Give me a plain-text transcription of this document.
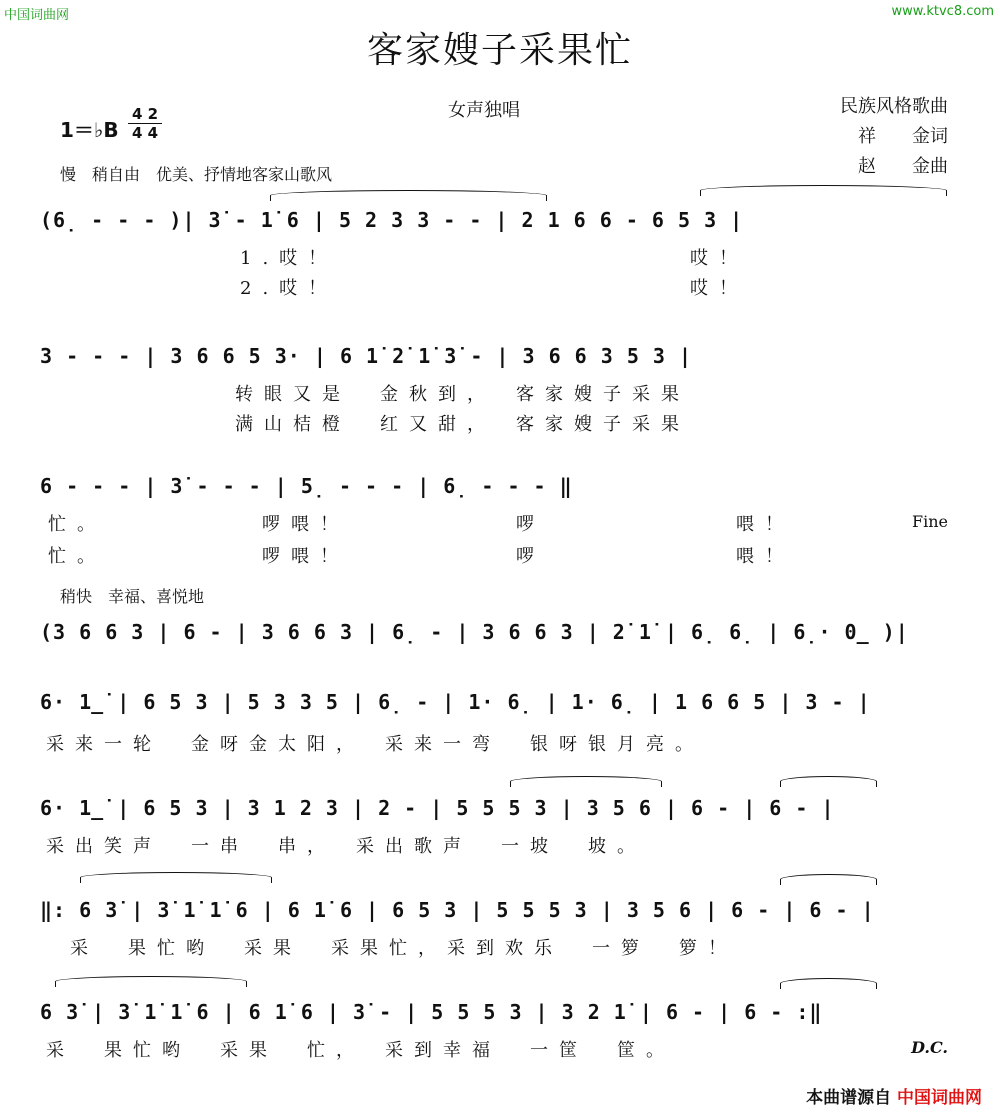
中国词曲网	www.ktvc8.com
客家嫂子采果忙
女声独唱	民族风格歌曲
祥　　金词
赵　　金曲
1＝♭B
4 2
4 4
慢　稍自由　优美、抒情地客家山歌风
(6̣ - - - )| 3̇ - 1̇ 6 | 5 2 3 3 - - | 2 1 6 6 - 6 5 3 |
1.哎！	哎！
2.哎！	哎！
3 - - - | 3 6 6 5 3· | 6 1̇ 2̇ 1̇ 3̇ - | 3 6 6 3 5 3 |
转眼又是　金秋到，　客家嫂子采果
满山桔橙　红又甜，　客家嫂子采果
6 - - - | 3̇ - - - | 5̣ - - - | 6̣ - - - ‖
忙。	啰喂！	啰	喂！	Fine
忙。	啰喂！	啰	喂！
稍快　幸福、喜悦地
(3 6 6 3 | 6 - | 3 6 6 3 | 6̣ - | 3 6 6 3 | 2̇ 1̇ | 6̣ 6̣ | 6̣· 0̲ )|
6· 1̲̇ | 6 5 3 | 5 3 3 5 | 6̣ - | 1· 6̣ | 1· 6̣ | 1 6 6 5 | 3 - |
采来一轮　金呀金太阳，　采来一弯　银呀银月亮。
6· 1̲̇ | 6 5 3 | 3 1 2 3 | 2 - | 5 5 5 3 | 3 5 6 | 6 - | 6 - |
采出笑声　一串　串，　采出歌声　一坡　坡。
‖: 6 3̇ | 3̇ 1̇ 1̇ 6 | 6 1̇ 6 | 6 5 3 | 5 5 5 3 | 3 5 6 | 6 - | 6 - |
采　果忙哟　采果　采果忙，采到欢乐　一箩　箩！
6 3̇ | 3̇ 1̇ 1̇ 6 | 6 1̇ 6 | 3̇ - | 5 5 5 3 | 3 2 1̇ | 6 - | 6 - :‖
采　果忙哟　采果　忙，　采到幸福　一筐　筐。	D.C.
本曲谱源自 中国词曲网
